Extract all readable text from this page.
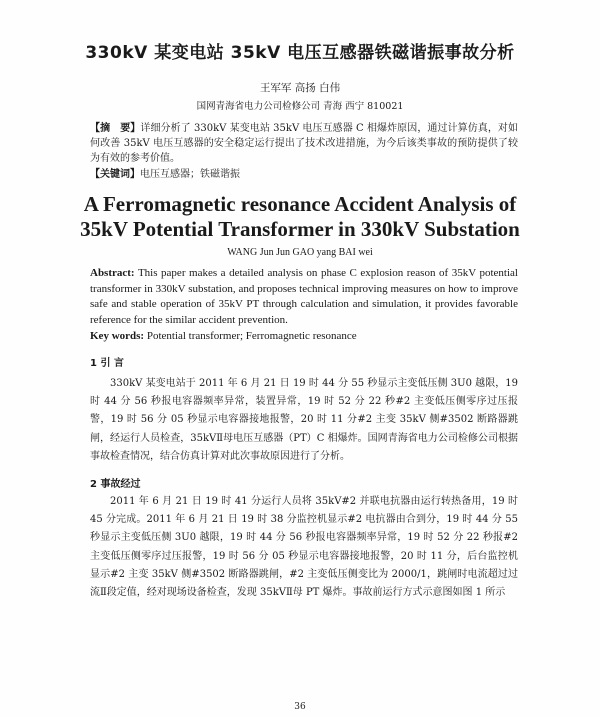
330kV 某变电站 35kV 电压互感器铁磁谐振事故分析
王军军 高扬 白伟
国网青海省电力公司检修公司 青海 西宁 810021
【摘　要】详细分析了 330kV 某变电站 35kV 电压互感器 C 相爆炸原因，通过计算仿真，对如何改善 35kV 电压互感器的安全稳定运行提出了技术改进措施，为今后该类事故的预防提供了较为有效的参考价值。
【关键词】电压互感器；铁磁谐振
A Ferromagnetic resonance Accident Analysis of
35kV Potential Transformer in 330kV Substation
WANG Jun Jun GAO yang BAI wei
Abstract: This paper makes a detailed analysis on phase C explosion reason of 35kV potential transformer in 330kV substation, and proposes technical improving measures on how to improve safe and stable operation of 35kV PT through calculation and simulation, it provides favorable reference for the similar accident prevention.
Key words: Potential transformer; Ferromagnetic resonance
1 引 言
330kV 某变电站于 2011 年 6 月 21 日 19 时 44 分 55 秒显示主变低压侧 3U0 越限，19 时 44 分 56 秒报电容器频率异常，装置异常，19 时 52 分 22 秒#2 主变低压侧零序过压报警，19 时 56 分 05 秒显示电容器接地报警，20 时 11 分#2 主变 35kV 侧#3502 断路器跳闸，经运行人员检查，35kVⅡ母电压互感器（PT）C 相爆炸。国网青海省电力公司检修公司根据事故检查情况，结合仿真计算对此次事故原因进行了分析。
2 事故经过
2011 年 6 月 21 日 19 时 41 分运行人员将 35kV#2 并联电抗器由运行转热备用，19 时 45 分完成。2011 年 6 月 21 日 19 时 38 分监控机显示#2 电抗器由合到分，19 时 44 分 55 秒显示主变低压侧 3U0 越限，19 时 44 分 56 秒报电容器频率异常，19 时 52 分 22 秒报#2 主变低压侧零序过压报警，19 时 56 分 05 秒显示电容器接地报警，20 时 11 分，后台监控机显示#2 主变 35kV 侧#3502 断路器跳闸，#2 主变低压侧变比为 2000/1，跳闸时电流超过过流Ⅱ段定值，经对现场设备检查，发现 35kVⅡ母 PT 爆炸。事故前运行方式示意图如图 1 所示
36
